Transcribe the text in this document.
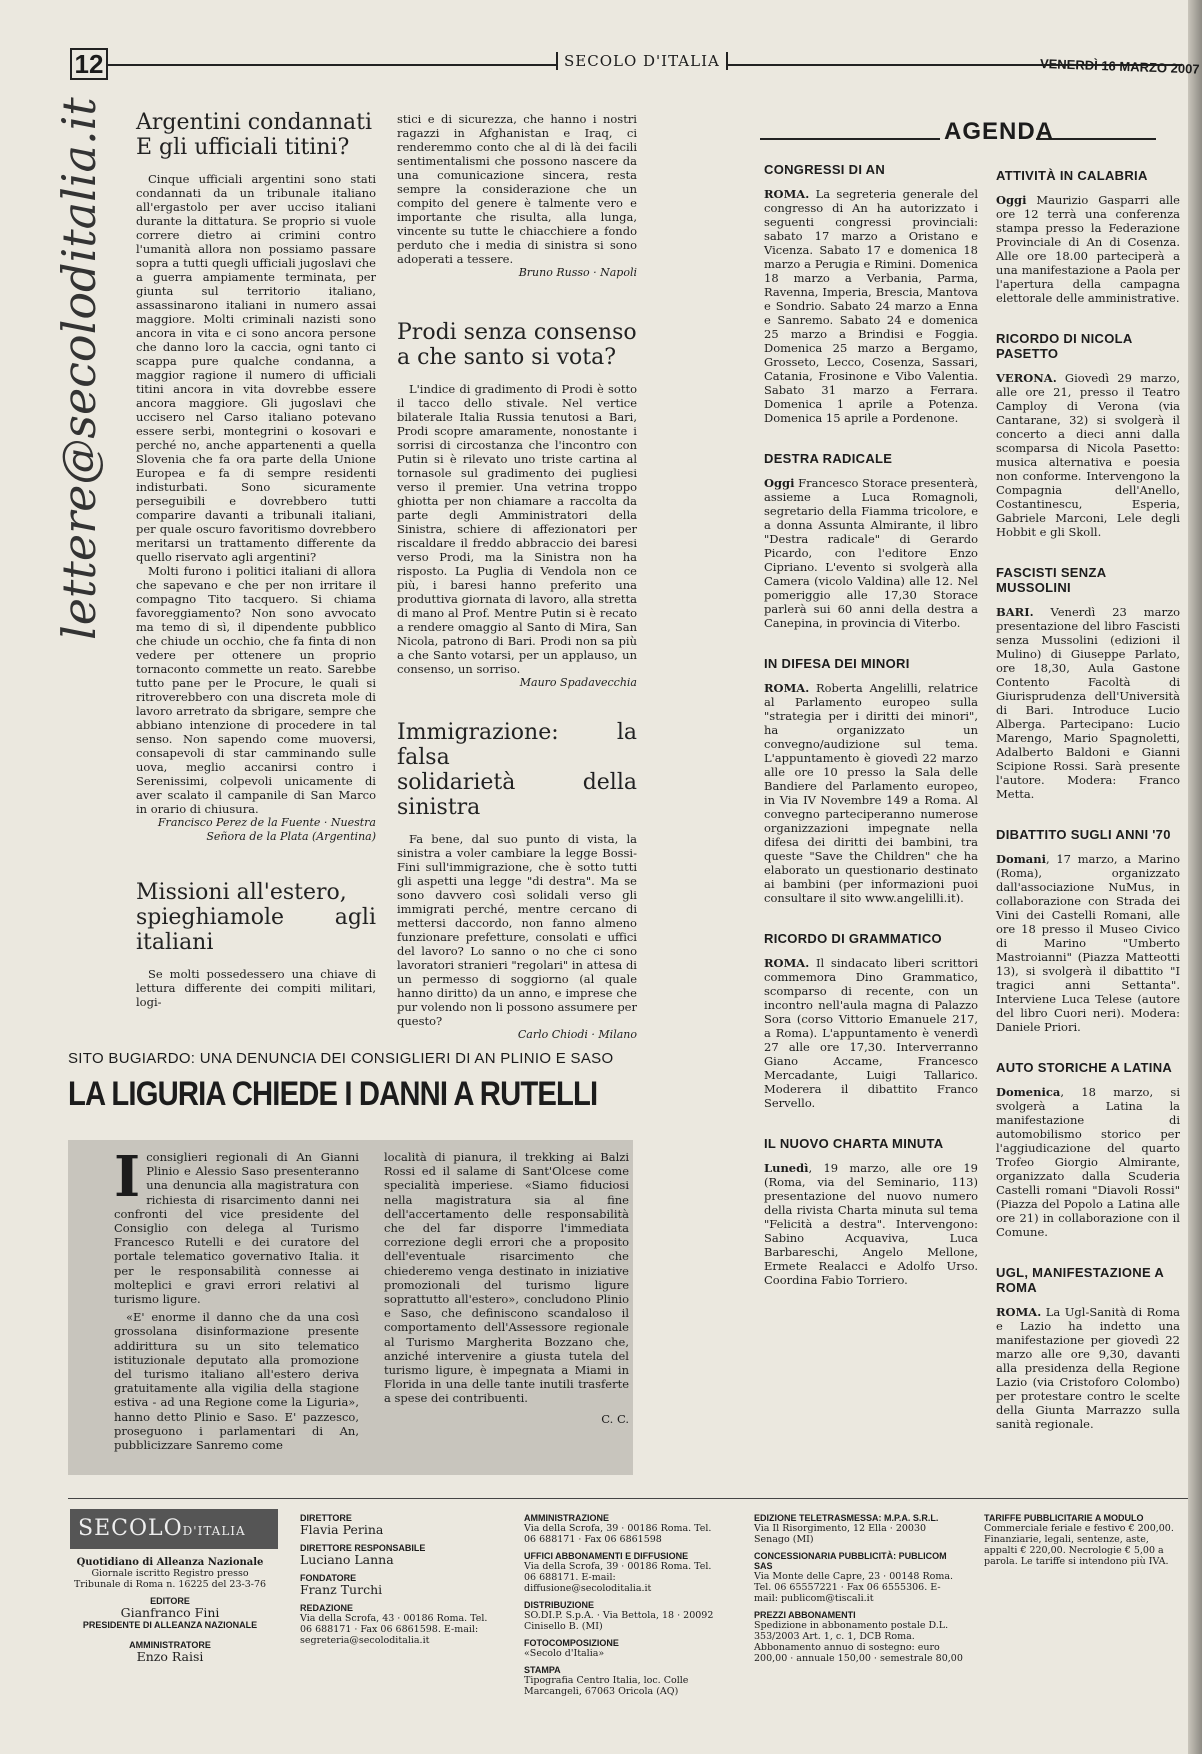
12	SECOLO D'ITALIA	VENERDÌ 16 MARZO 2007
lettere@secoloditalia.it Argentini condannati
E gli ufficiali titini?

Cinque ufficiali argentini sono stati condannati da un tribunale italiano all'ergastolo per aver ucciso italiani durante la dittatura. Se proprio si vuole correre dietro ai crimini contro l'umanità allora non possiamo passare sopra a tutti quegli ufficiali jugoslavi che a guerra ampiamente terminata, per giunta sul territorio italiano, assassinarono italiani in numero assai maggiore. Molti criminali nazisti sono ancora in vita e ci sono ancora persone che danno loro la caccia, ogni tanto ci scappa pure qualche condanna, a maggior ragione il numero di ufficiali titini ancora in vita dovrebbe essere ancora maggiore. Gli jugoslavi che uccisero nel Carso italiano potevano essere serbi, montegrini o kosovari e perché no, anche appartenenti a quella Slovenia che fa ora parte della Unione Europea e fa di sempre residenti indisturbati. Sono sicuramente perseguibili e dovrebbero tutti comparire davanti a tribunali italiani, per quale oscuro favoritismo dovrebbero meritarsi un trattamento differente da quello riservato agli argentini?

Molti furono i politici italiani di allora che sapevano e che per non irritare il compagno Tito tacquero. Si chiama favoreggiamento? Non sono avvocato ma temo di sì, il dipendente pubblico che chiude un occhio, che fa finta di non vedere per ottenere un proprio tornaconto commette un reato. Sarebbe tutto pane per le Procure, le quali si ritroverebbero con una discreta mole di lavoro arretrato da sbrigare, sempre che abbiano intenzione di procedere in tal senso. Non sapendo come muoversi, consapevoli di star camminando sulle uova, meglio accanirsi contro i Serenissimi, colpevoli unicamente di aver scalato il campanile di San Marco in orario di chiusura.

Francisco Perez de la Fuente · Nuestra
Señora de la Plata (Argentina)
Missioni all'estero,
spieghiamole agli italiani

Se molti possedessero una chiave di lettura differente dei compiti militari, logi-

stici e di sicurezza, che hanno i nostri ragazzi in Afghanistan e Iraq, ci renderemmo conto che al di là dei facili sentimentalismi che possono nascere da una comunicazione sincera, resta sempre la considerazione che un compito del genere è talmente vero e importante che risulta, alla lunga, vincente su tutte le chiacchiere a fondo perduto che i media di sinistra si sono adoperati a tessere.

Bruno Russo · Napoli
Prodi senza consenso
a che santo si vota?

L'indice di gradimento di Prodi è sotto il tacco dello stivale. Nel vertice bilaterale Italia Russia tenutosi a Bari, Prodi scopre amaramente, nonostante i sorrisi di circostanza che l'incontro con Putin si è rilevato uno triste cartina al tornasole sul gradimento dei pugliesi verso il premier. Una vetrina troppo ghiotta per non chiamare a raccolta da parte degli Amministratori della Sinistra, schiere di affezionatori per riscaldare il freddo abbraccio dei baresi verso Prodi, ma la Sinistra non ha risposto. La Puglia di Vendola non ce più, i baresi hanno preferito una produttiva giornata di lavoro, alla stretta di mano al Prof. Mentre Putin si è recato a rendere omaggio al Santo di Mira, San Nicola, patrono di Bari. Prodi non sa più a che Santo votarsi, per un applauso, un consenso, un sorriso.

Mauro Spadavecchia
Immigrazione: la falsa
solidarietà della sinistra

Fa bene, dal suo punto di vista, la sinistra a voler cambiare la legge Bossi-Fini sull'immigrazione, che è sotto tutti gli aspetti una legge "di destra". Ma se sono davvero così solidali verso gli immigrati perché, mentre cercano di mettersi daccordo, non fanno almeno funzionare prefetture, consolati e uffici del lavoro? Lo sanno o no che ci sono lavoratori stranieri "regolari" in attesa di un permesso di soggiorno (al quale hanno diritto) da un anno, e imprese che pur volendo non li possono assumere per questo?

Carlo Chiodi · Milano
AGENDA
CONGRESSI DI AN
ROMA. La segreteria generale del congresso di An ha autorizzato i seguenti congressi provinciali: sabato 17 marzo a Oristano e Vicenza. Sabato 17 e domenica 18 marzo a Perugia e Rimini. Domenica 18 marzo a Verbania, Parma, Ravenna, Imperia, Brescia, Mantova e Sondrio. Sabato 24 marzo a Enna e Sanremo. Sabato 24 e domenica 25 marzo a Brindisi e Foggia. Domenica 25 marzo a Bergamo, Grosseto, Lecco, Cosenza, Sassari, Catania, Frosinone e Vibo Valentia. Sabato 31 marzo a Ferrara. Domenica 1 aprile a Potenza. Domenica 15 aprile a Pordenone.
DESTRA RADICALE
Oggi Francesco Storace presenterà, assieme a Luca Romagnoli, segretario della Fiamma tricolore, e a donna Assunta Almirante, il libro "Destra radicale" di Gerardo Picardo, con l'editore Enzo Cipriano. L'evento si svolgerà alla Camera (vicolo Valdina) alle 12. Nel pomeriggio alle 17,30 Storace parlerà sui 60 anni della destra a Canepina, in provincia di Viterbo.
IN DIFESA DEI MINORI
ROMA. Roberta Angelilli, relatrice al Parlamento europeo sulla "strategia per i diritti dei minori", ha organizzato un convegno/audizione sul tema. L'appuntamento è giovedì 22 marzo alle ore 10 presso la Sala delle Bandiere del Parlamento europeo, in Via IV Novembre 149 a Roma. Al convegno parteciperanno numerose organizzazioni impegnate nella difesa dei diritti dei bambini, tra queste "Save the Children" che ha elaborato un questionario destinato ai bambini (per informazioni puoi consultare il sito www.angelilli.it).
RICORDO DI GRAMMATICO
ROMA. Il sindacato liberi scrittori commemora Dino Grammatico, scomparso di recente, con un incontro nell'aula magna di Palazzo Sora (corso Vittorio Emanuele 217, a Roma). L'appuntamento è venerdì 27 alle ore 17,30. Interverranno Giano Accame, Francesco Mercadante, Luigi Tallarico. Moderera il dibattito Franco Servello.
IL NUOVO CHARTA MINUTA
Lunedì, 19 marzo, alle ore 19 (Roma, via del Seminario, 113) presentazione del nuovo numero della rivista Charta minuta sul tema "Felicità a destra". Intervengono: Sabino Acquaviva, Luca Barbareschi, Angelo Mellone, Ermete Realacci e Adolfo Urso. Coordina Fabio Torriero.
ATTIVITÀ IN CALABRIA
Oggi Maurizio Gasparri alle ore 12 terrà una conferenza stampa presso la Federazione Provinciale di An di Cosenza. Alle ore 18.00 parteciperà a una manifestazione a Paola per l'apertura della campagna elettorale delle amministrative.
RICORDO DI NICOLA PASETTO
VERONA. Giovedì 29 marzo, alle ore 21, presso il Teatro Camploy di Verona (via Cantarane, 32) si svolgerà il concerto a dieci anni dalla scomparsa di Nicola Pasetto: musica alternativa e poesia non conforme. Intervengono la Compagnia dell'Anello, Costantinescu, Esperia, Gabriele Marconi, Lele degli Hobbit e gli Skoll.
FASCISTI SENZA MUSSOLINI
BARI. Venerdì 23 marzo presentazione del libro Fascisti senza Mussolini (edizioni il Mulino) di Giuseppe Parlato, ore 18,30, Aula Gastone Contento Facoltà di Giurisprudenza dell'Università di Bari. Introduce Lucio Alberga. Partecipano: Lucio Marengo, Mario Spagnoletti, Adalberto Baldoni e Gianni Scipione Rossi. Sarà presente l'autore. Modera: Franco Metta.
DIBATTITO SUGLI ANNI '70
Domani, 17 marzo, a Marino (Roma), organizzato dall'associazione NuMus, in collaborazione con Strada dei Vini dei Castelli Romani, alle ore 18 presso il Museo Civico di Marino "Umberto Mastroianni" (Piazza Matteotti 13), si svolgerà il dibattito "I tragici anni Settanta". Interviene Luca Telese (autore del libro Cuori neri). Modera: Daniele Priori.
AUTO STORICHE A LATINA
Domenica, 18 marzo, si svolgerà a Latina la manifestazione di automobilismo storico per l'aggiudicazione del quarto Trofeo Giorgio Almirante, organizzato dalla Scuderia Castelli romani "Diavoli Rossi" (Piazza del Popolo a Latina alle ore 21) in collaborazione con il Comune.
UGL, MANIFESTAZIONE A ROMA
ROMA. La Ugl-Sanità di Roma e Lazio ha indetto una manifestazione per giovedì 22 marzo alle ore 9,30, davanti alla presidenza della Regione Lazio (via Cristoforo Colombo) per protestare contro le scelte della Giunta Marrazzo sulla sanità regionale.
SITO BUGIARDO: UNA DENUNCIA DEI CONSIGLIERI DI AN PLINIO E SASO
LA LIGURIA CHIEDE I DANNI A RUTELLI
I consiglieri regionali di An Gianni Plinio e Alessio Saso presenteranno una denuncia alla magistratura con richiesta di risarcimento danni nei confronti del vice presidente del Consiglio con delega al Turismo Francesco Rutelli e dei curatore del portale telematico governativo Italia. it per le responsabilità connesse ai molteplici e gravi errori relativi al turismo ligure.

«E' enorme il danno che da una così grossolana disinformazione presente addirittura su un sito telematico istituzionale deputato alla promozione del turismo italiano all'estero deriva gratuitamente alla vigilia della stagione estiva - ad una Regione come la Liguria», hanno detto Plinio e Saso. E' pazzesco, proseguono i parlamentari di An, pubblicizzare Sanremo come

località di pianura, il trekking ai Balzi Rossi ed il salame di Sant'Olcese come specialità imperiese. «Siamo fiduciosi nella magistratura sia al fine dell'accertamento delle responsabilità che del far disporre l'immediata correzione degli errori che a proposito dell'eventuale risarcimento che chiederemo venga destinato in iniziative promozionali del turismo ligure soprattutto all'estero», concludono Plinio e Saso, che definiscono scandaloso il comportamento dell'Assessore regionale al Turismo Margherita Bozzano che, anziché intervenire a giusta tutela del turismo ligure, è impegnata a Miami in Florida in una delle tante inutili trasferte a spese dei contribuenti.
C. C.
SECOLOD'ITALIA
Quotidiano di Alleanza Nazionale
Giornale iscritto Registro presso Tribunale di Roma n. 16225 del 23-3-76
EDITORE
Gianfranco Fini
PRESIDENTE DI ALLEANZA NAZIONALE
AMMINISTRATORE
Enzo Raisi
DIRETTORE
Flavia Perina
DIRETTORE RESPONSABILE
Luciano Lanna
FONDATORE
Franz Turchi
REDAZIONE
Via della Scrofa, 43 · 00186 Roma. Tel. 06 688171 · Fax 06 6861598. E-mail: segreteria@secoloditalia.it
AMMINISTRAZIONE
Via della Scrofa, 39 · 00186 Roma. Tel. 06 688171 · Fax 06 6861598
UFFICI ABBONAMENTI E DIFFUSIONE
Via della Scrofa, 39 · 00186 Roma. Tel. 06 688171. E-mail: diffusione@secoloditalia.it
DISTRIBUZIONE
SO.DI.P. S.p.A. · Via Bettola, 18 · 20092 Cinisello B. (MI)
FOTOCOMPOSIZIONE
«Secolo d'Italia»
STAMPA
Tipografia Centro Italia, loc. Colle Marcangeli, 67063 Oricola (AQ)
EDIZIONE TELETRASMESSA: M.P.A. S.R.L.
Via Il Risorgimento, 12 Ella · 20030 Senago (MI)
CONCESSIONARIA PUBBLICITÀ: PUBLICOM SAS
Via Monte delle Capre, 23 · 00148 Roma. Tel. 06 65557221 · Fax 06 6555306. E-mail: publicom@tiscali.it
PREZZI ABBONAMENTI
Spedizione in abbonamento postale D.L. 353/2003 Art. 1, c. 1, DCB Roma. Abbonamento annuo di sostegno: euro 200,00 · annuale 150,00 · semestrale 80,00
TARIFFE PUBBLICITARIE A MODULO
Commerciale feriale e festivo € 200,00. Finanziarie, legali, sentenze, aste, appalti € 220,00. Necrologie € 5,00 a parola. Le tariffe si intendono più IVA.
